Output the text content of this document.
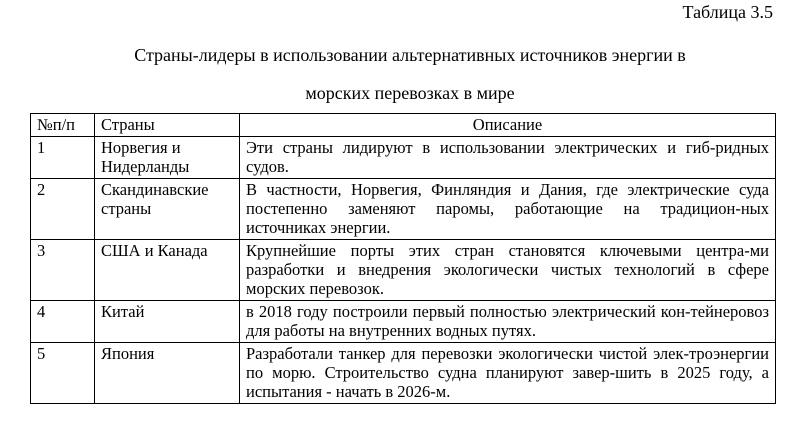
Таблица 3.5
Страны-лидеры в использовании альтернативных источников энергии в
морских перевозках в мире
№п/п	Страны	Описание
1	Норвегия и Нидерланды	Эти страны лидируют в использовании электрических и гиб-ридных судов.
2	Скандинавские страны	В частности, Норвегия, Финляндия и Дания, где электрические суда постепенно заменяют паромы, работающие на традицион-ных источниках энергии.
3	США и Канада	Крупнейшие порты этих стран становятся ключевыми центра-ми разработки и внедрения экологически чистых технологий в сфере морских перевозок.
4	Китай	в 2018 году построили первый полностью электрический кон-тейнеровоз для работы на внутренних водных путях.
5	Япония	Разработали танкер для перевозки экологически чистой элек-троэнергии по морю. Строительство судна планируют завер-шить в 2025 году, а испытания - начать в 2026-м.
